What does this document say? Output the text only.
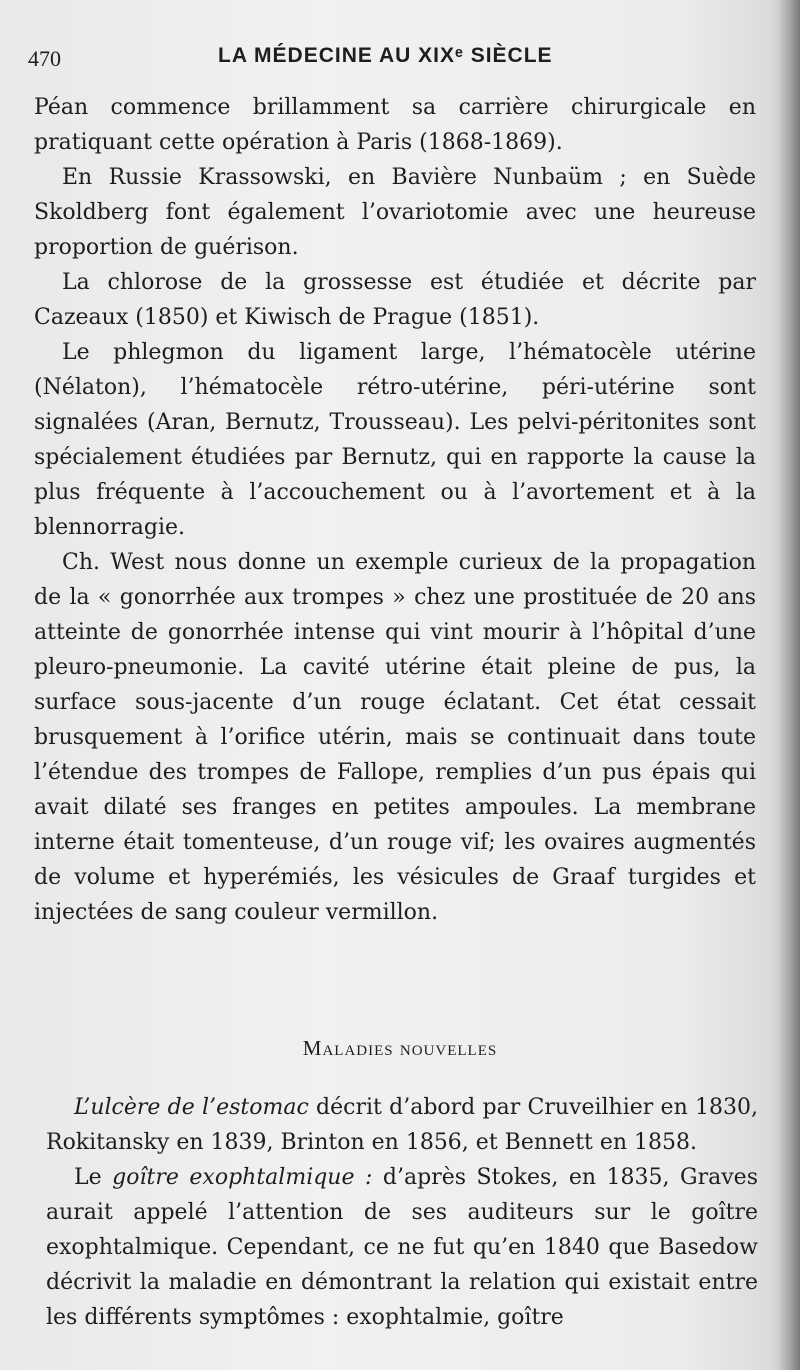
470	LA MÉDECINE AU XIXᵉ SIÈCLE

Péan commence brillamment sa carrière chirurgicale en pratiquant cette opération à Paris (1868-1869).

En Russie Krassowski, en Bavière Nunbaüm ; en Suède Skoldberg font également l’ovariotomie avec une heureuse proportion de guérison.

La chlorose de la grossesse est étudiée et décrite par Cazeaux (1850) et Kiwisch de Prague (1851).

Le phlegmon du ligament large, l’hématocèle utérine (Nélaton), l’hématocèle rétro-utérine, péri-utérine sont signalées (Aran, Bernutz, Trousseau). Les pelvi-péritonites sont spécialement étudiées par Bernutz, qui en rapporte la cause la plus fréquente à l’accouchement ou à l’avortement et à la blennorragie.

Ch. West nous donne un exemple curieux de la propagation de la « gonorrhée aux trompes » chez une prostituée de 20 ans atteinte de gonorrhée intense qui vint mourir à l’hôpital d’une pleuro-pneumonie. La cavité utérine était pleine de pus, la surface sous-jacente d’un rouge éclatant. Cet état cessait brusquement à l’orifice utérin, mais se continuait dans toute l’étendue des trompes de Fallope, remplies d’un pus épais qui avait dilaté ses franges en petites ampoules. La membrane interne était tomenteuse, d’un rouge vif; les ovaires augmentés de volume et hyperémiés, les vésicules de Graaf turgides et injectées de sang couleur vermillon.

Maladies nouvelles

L’ulcère de l’estomac décrit d’abord par Cruveilhier en 1830, Rokitansky en 1839, Brinton en 1856, et Bennett en 1858.

Le goître exophtalmique : d’après Stokes, en 1835, Graves aurait appelé l’attention de ses auditeurs sur le goître exophtalmique. Cependant, ce ne fut qu’en 1840 que Basedow décrivit la maladie en démontrant la relation qui existait entre les différents symptômes : exophtalmie, goître
